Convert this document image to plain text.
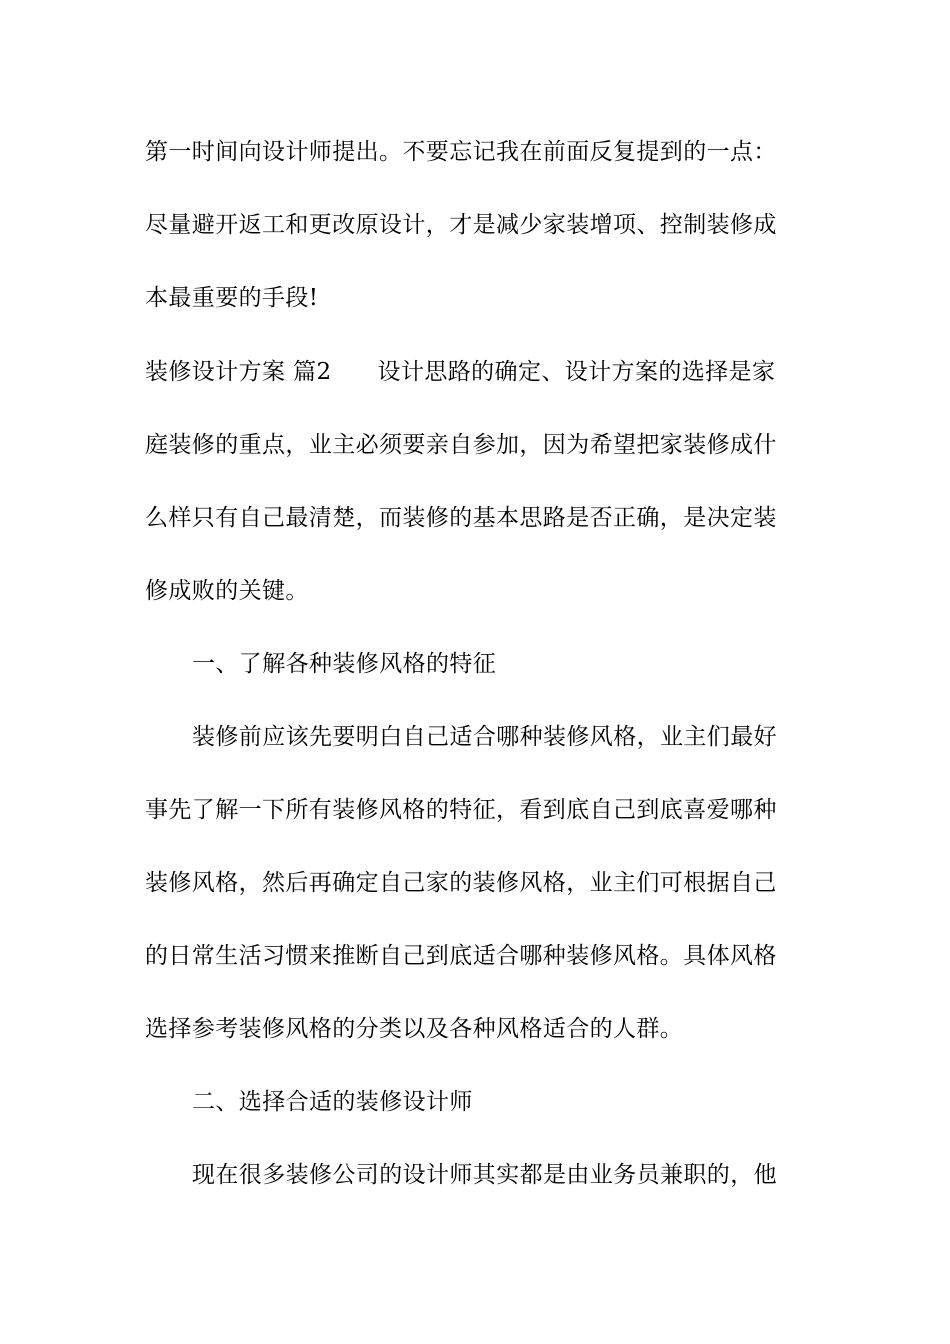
第一时间向设计师提出。不要忘记我在前面反复提到的一点：
尽量避开返工和更改原设计，才是减少家装增项、控制装修成
本最重要的手段!
装修设计方案 篇2 设计思路的确定、设计方案的选择是家
庭装修的重点，业主必须要亲自参加，因为希望把家装修成什
么样只有自己最清楚，而装修的基本思路是否正确，是决定装
修成败的关键。
一、了解各种装修风格的特征
装修前应该先要明白自己适合哪种装修风格，业主们最好
事先了解一下所有装修风格的特征，看到底自己到底喜爱哪种
装修风格，然后再确定自己家的装修风格，业主们可根据自己
的日常生活习惯来推断自己到底适合哪种装修风格。具体风格
选择参考装修风格的分类以及各种风格适合的人群。
二、选择合适的装修设计师
现在很多装修公司的设计师其实都是由业务员兼职的，他
